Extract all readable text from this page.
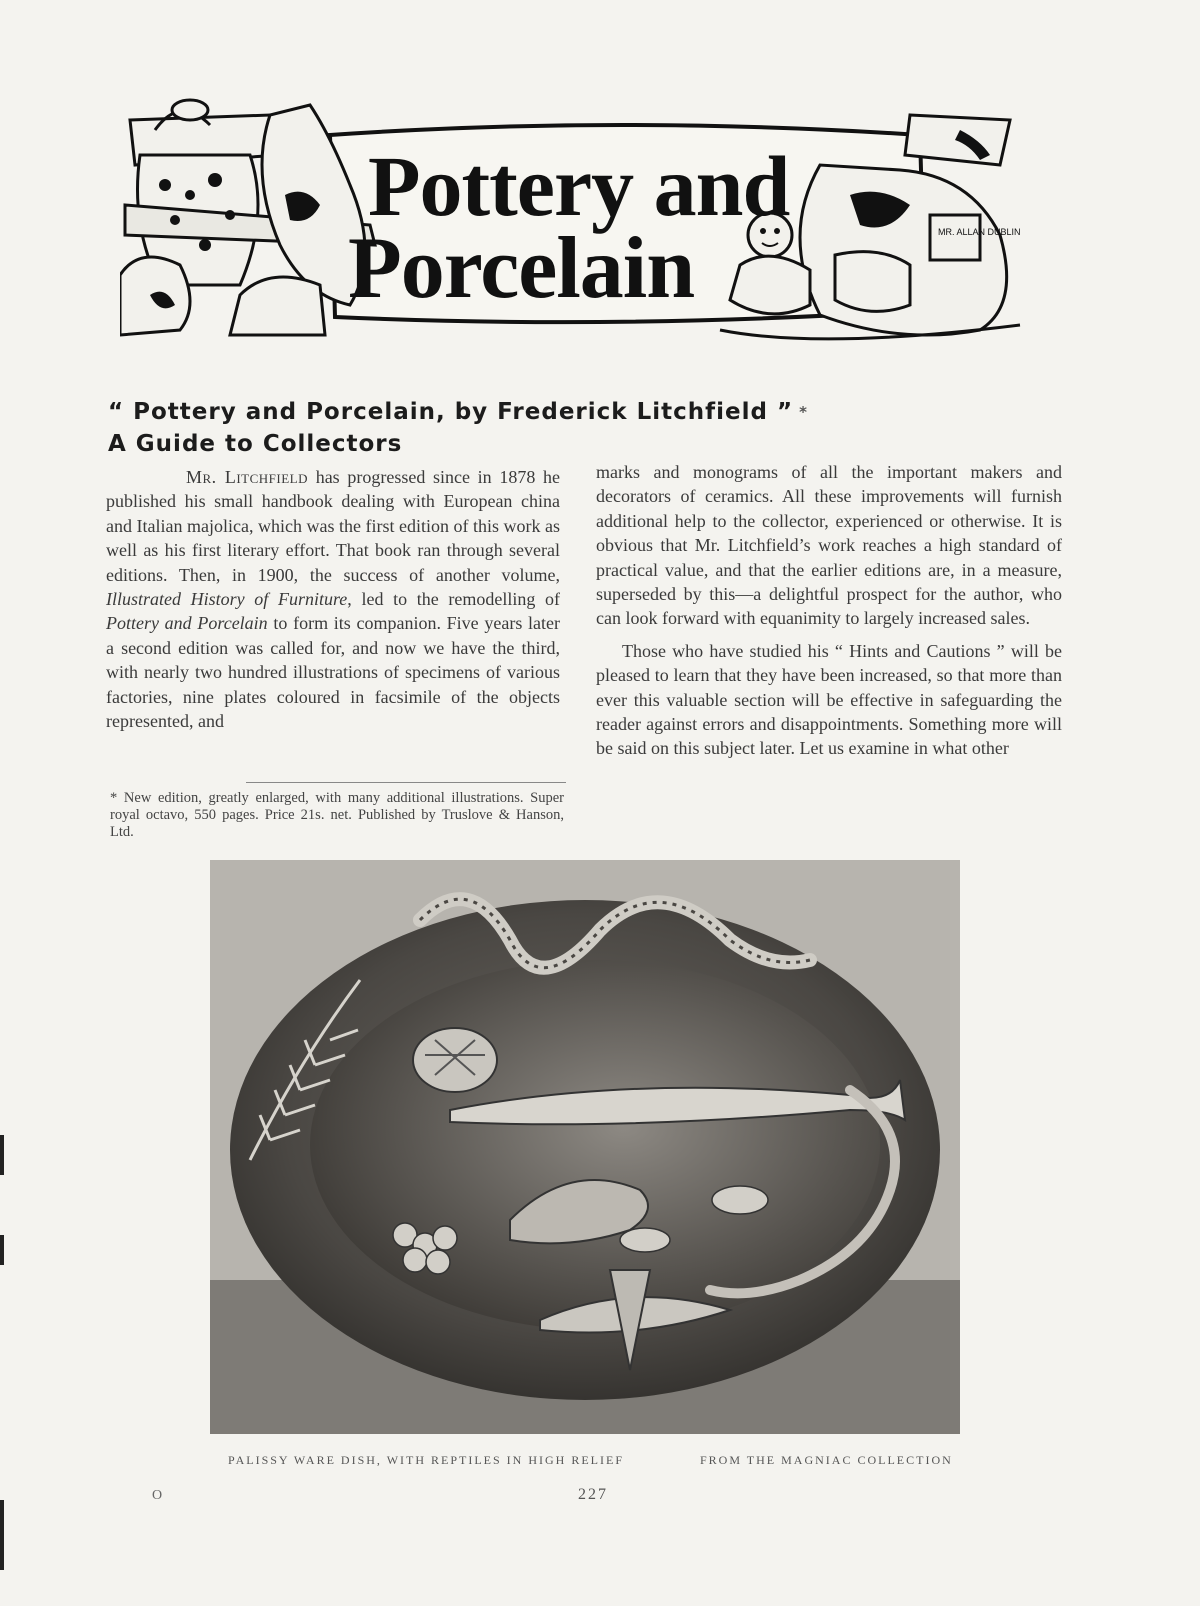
MR. ALLAN DUBLIN
Pottery and
Porcelain
“ Pottery and Porcelain, by Frederick Litchfield ” *
A Guide to Collectors

Mr. Litchfield has progressed since in 1878 he published his small handbook dealing with European china and Italian majolica, which was the first edition of this work as well as his first literary effort. That book ran through several editions. Then, in 1900, the success of another volume, Illustrated History of Furniture, led to the remodelling of Pottery and Porcelain to form its companion. Five years later a second edition was called for, and now we have the third, with nearly two hundred illustrations of specimens of various factories, nine plates coloured in facsimile of the objects represented, and

* New edition, greatly enlarged, with many additional illustrations. Super royal octavo, 550 pages. Price 21s. net. Published by Truslove & Hanson, Ltd.

marks and monograms of all the important makers and decorators of ceramics. All these improvements will furnish additional help to the collector, experienced or otherwise. It is obvious that Mr. Litchfield’s work reaches a high standard of practical value, and that the earlier editions are, in a measure, superseded by this—a delightful prospect for the author, who can look forward with equanimity to largely increased sales.

Those who have studied his “ Hints and Cautions ” will be pleased to learn that they have been increased, so that more than ever this valuable section will be effective in safeguarding the reader against errors and disappointments. Something more will be said on this subject later. Let us examine in what other

PALISSY WARE DISH, WITH REPTILES IN HIGH RELIEF	FROM THE MAGNIAC COLLECTION
O	227
